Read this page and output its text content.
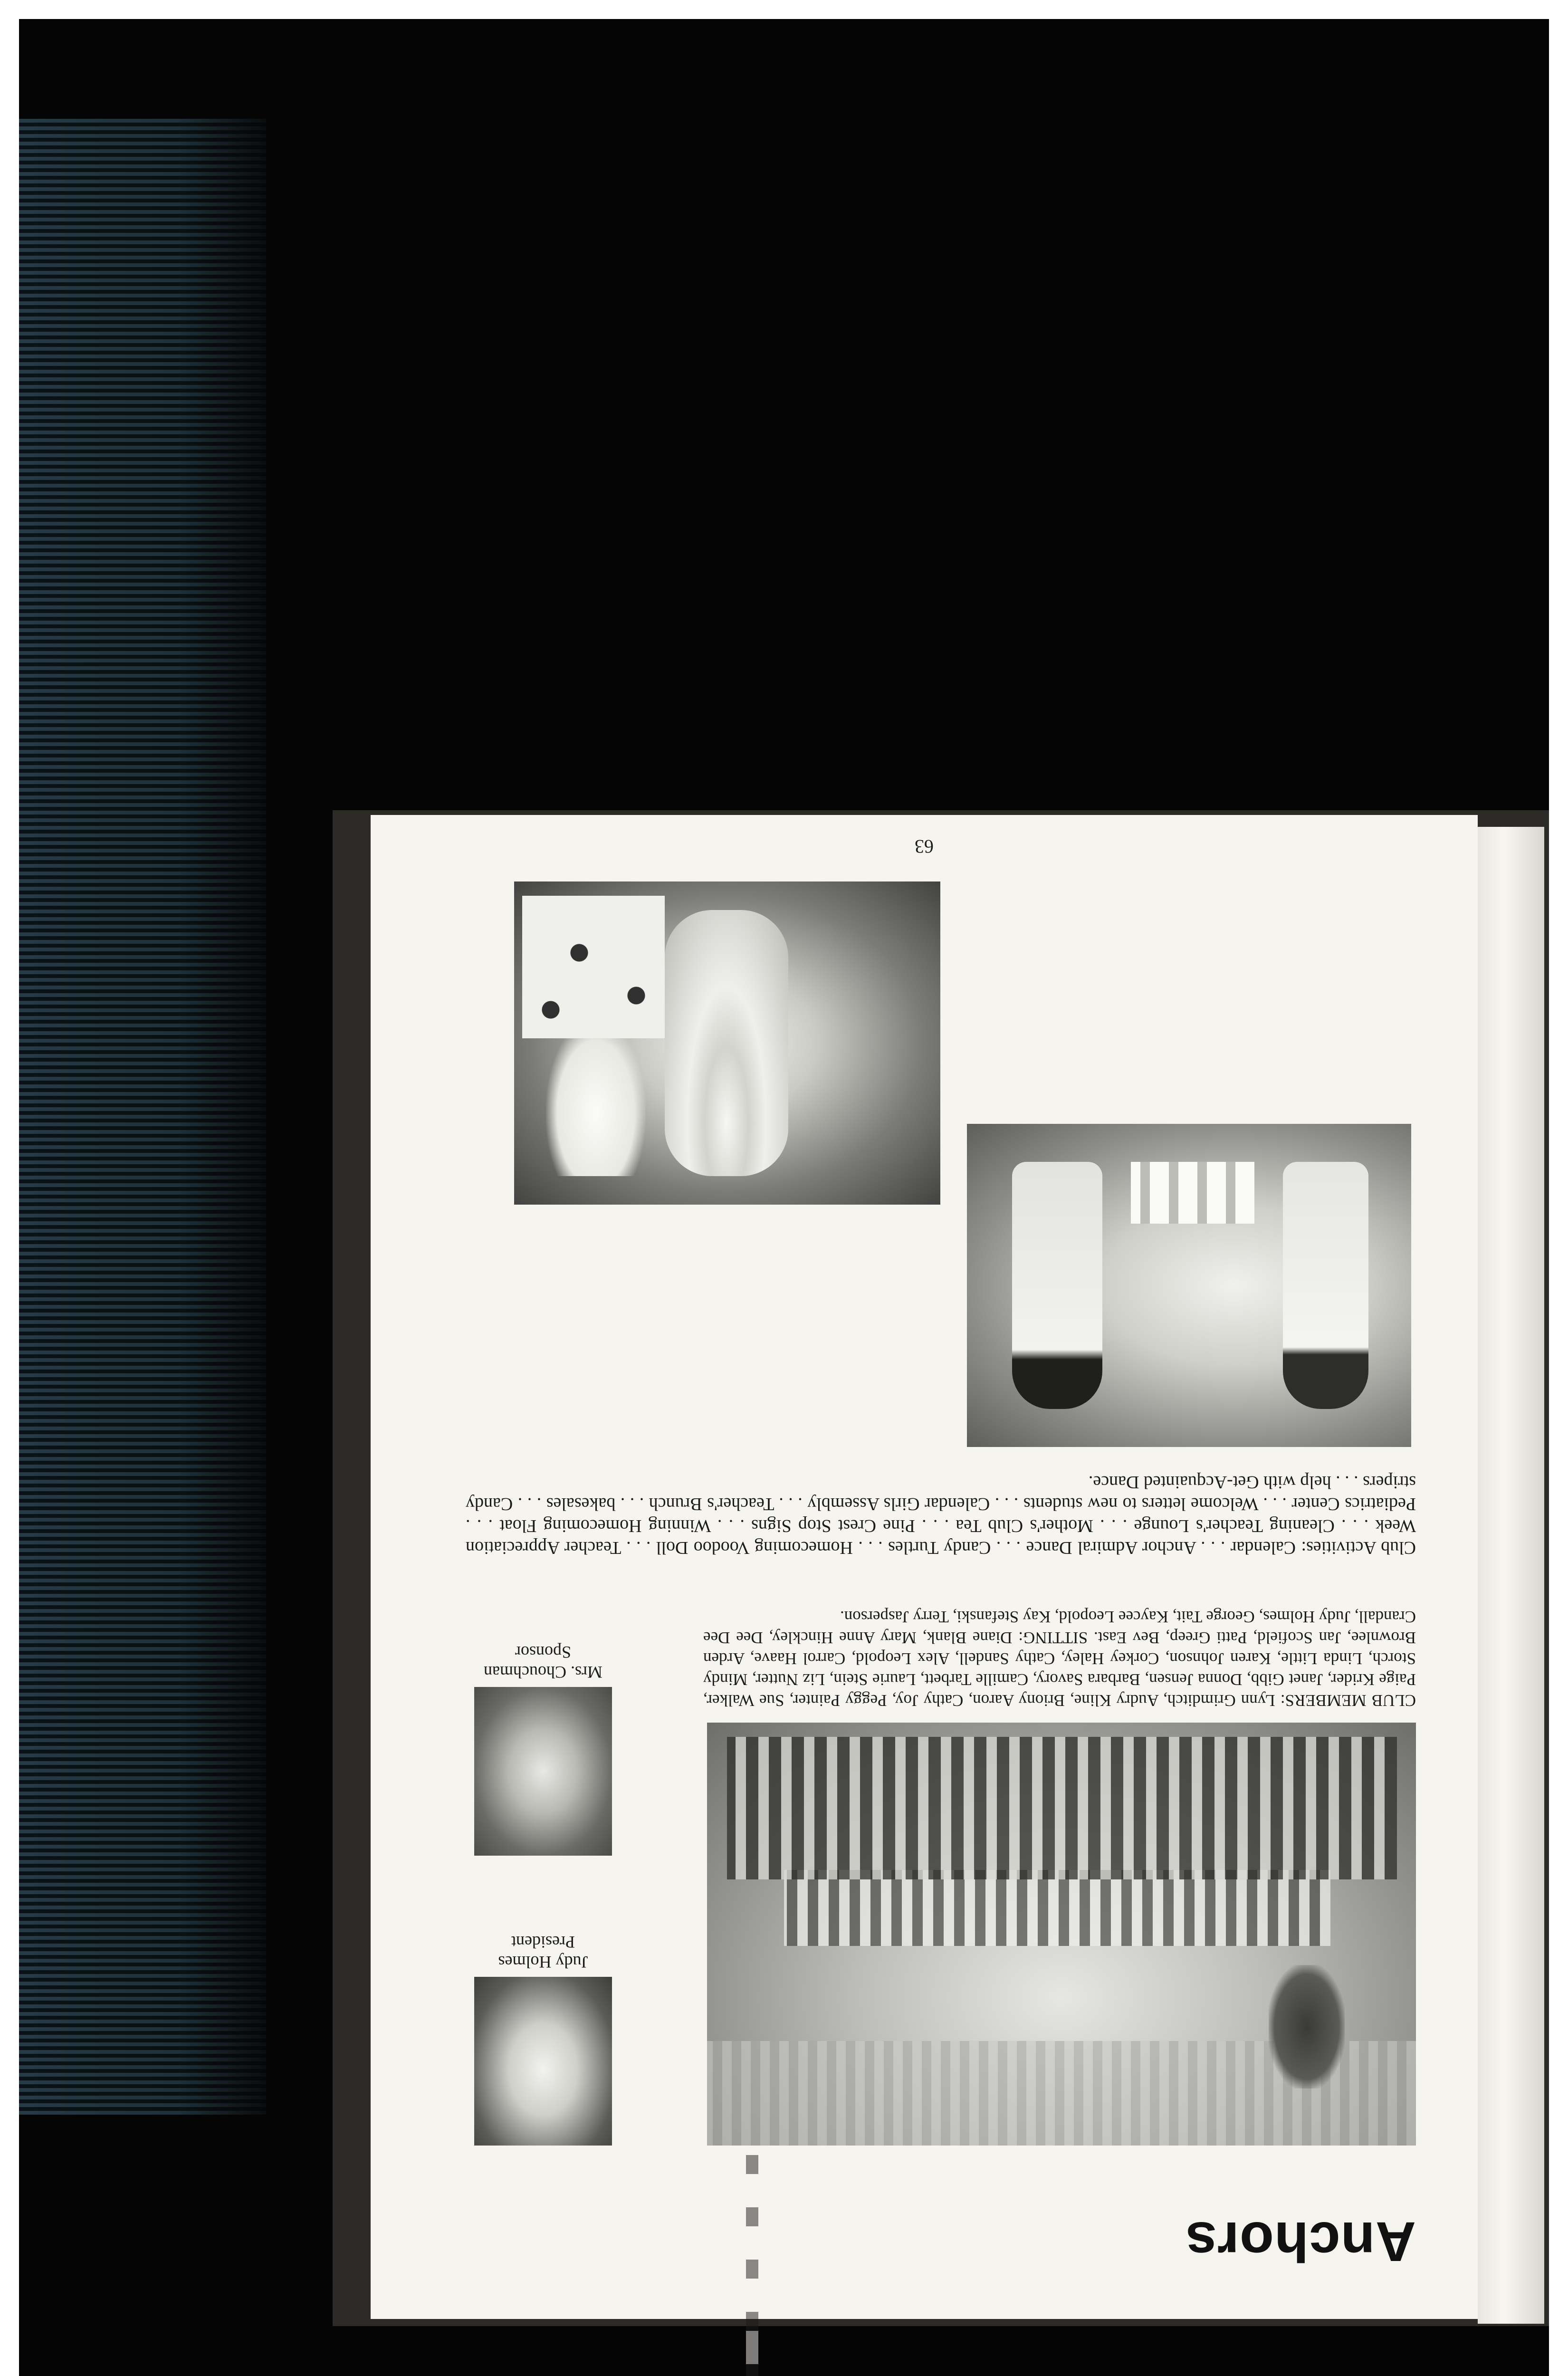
Anchors
Judy Holmes
President
Mrs. Chouchman
Sponsor
CLUB MEMBERS: Lynn Grimditch, Audry Kline, Briony Aaron, Cathy Joy, Peggy Painter, Sue Walker, Paige Krider, Janet Gibb, Donna Jensen, Barbara Savory, Camille Tarbett, Laurie Stein, Liz Nutter, Mindy Storch, Linda Little, Karen Johnson, Corkey Haley, Cathy Sandell, Alex Leopold, Carrol Haave, Arden Brownlee, Jan Scofield, Patti Greep, Bev East. SITTING: Diane Blank, Mary Anne Hinckley, Dee Dee Crandall, Judy Holmes, George Tait, Kaycee Leopold, Kay Stefanski, Terry Jasperson.
Club Activities: Calendar . . . Anchor Admiral Dance . . . Candy Turtles . . . Homecoming Voodoo Doll . . . Teacher Appreciation Week . . . Cleaning Teacher's Lounge . . . Mother's Club Tea . . . Pine Crest Stop Signs . . . Winning Homecoming Float . . . Pediatrics Center . . . Welcome letters to new students . . . Calendar Girls Assembly . . . Teacher's Brunch . . . bakesales . . . Candy stripers . . . help with Get-Acquainted Dance.
63
